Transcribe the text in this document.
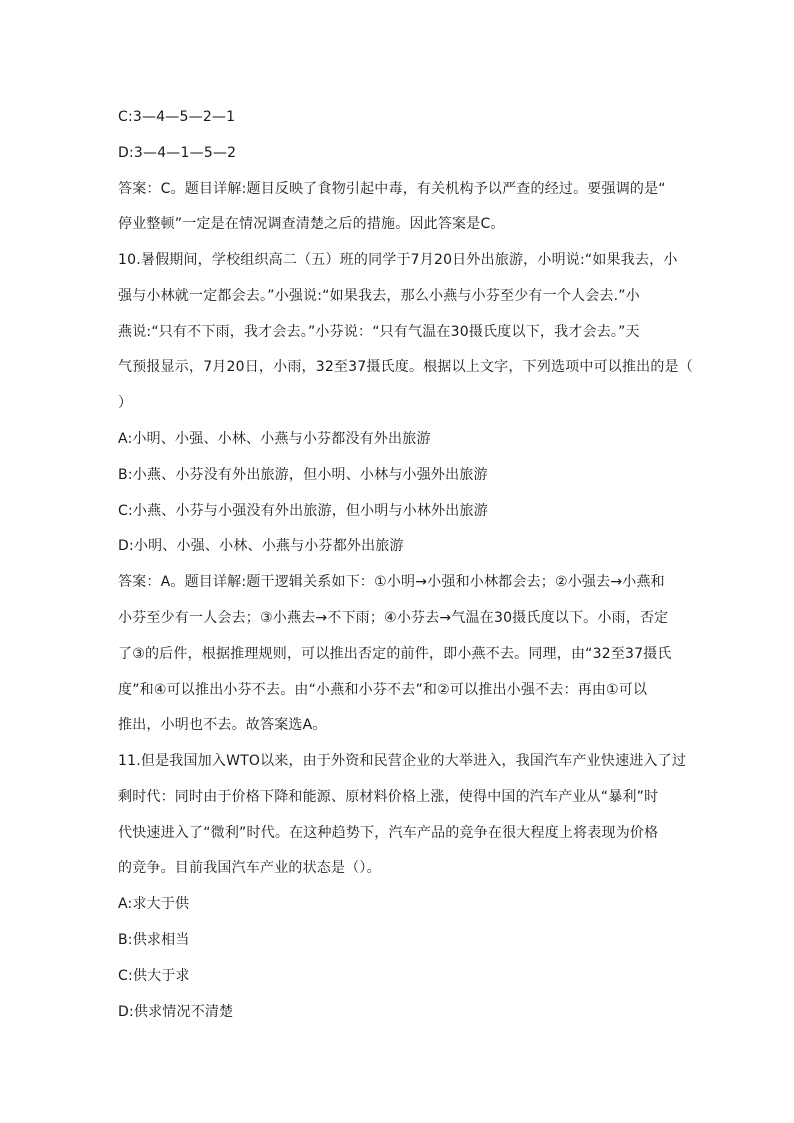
C:3—4—5—2—1
D:3—4—1—5—2
答案：C。题目详解:题目反映了食物引起中毒，有关机构予以严查的经过。要强调的是“
停业整顿”一定是在情况调查清楚之后的措施。因此答案是C。
10.暑假期间，学校组织高二（五）班的同学于7月20日外出旅游，小明说:“如果我去，小
强与小林就一定都会去。”小强说:“如果我去，那么小燕与小芬至少有一个人会去.”小
燕说:“只有不下雨，我才会去。”小芬说：“只有气温在30摄氏度以下，我才会去。”天
气预报显示，7月20日，小雨，32至37摄氏度。根据以上文字，下列选项中可以推出的是（
）
A:小明、小强、小林、小燕与小芬都没有外出旅游
B:小燕、小芬没有外出旅游，但小明、小林与小强外出旅游
C:小燕、小芬与小强没有外出旅游，但小明与小林外出旅游
D:小明、小强、小林、小燕与小芬都外出旅游
答案：A。题目详解:题干逻辑关系如下：①小明→小强和小林都会去；②小强去→小燕和
小芬至少有一人会去；③小燕去→不下雨；④小芬去→气温在30摄氏度以下。小雨，否定
了③的后件，根据推理规则，可以推出否定的前件，即小燕不去。同理，由“32至37摄氏
度”和④可以推出小芬不去。由“小燕和小芬不去”和②可以推出小强不去：再由①可以
推出，小明也不去。故答案选A。
11.但是我国加入WTO以来，由于外资和民营企业的大举进入，我国汽车产业快速进入了过
剩时代：同时由于价格下降和能源、原材料价格上涨，使得中国的汽车产业从“暴利”时
代快速进入了“微利”时代。在这种趋势下，汽车产品的竞争在很大程度上将表现为价格
的竞争。目前我国汽车产业的状态是（）。
A:求大于供
B:供求相当
C:供大于求
D:供求情况不清楚
